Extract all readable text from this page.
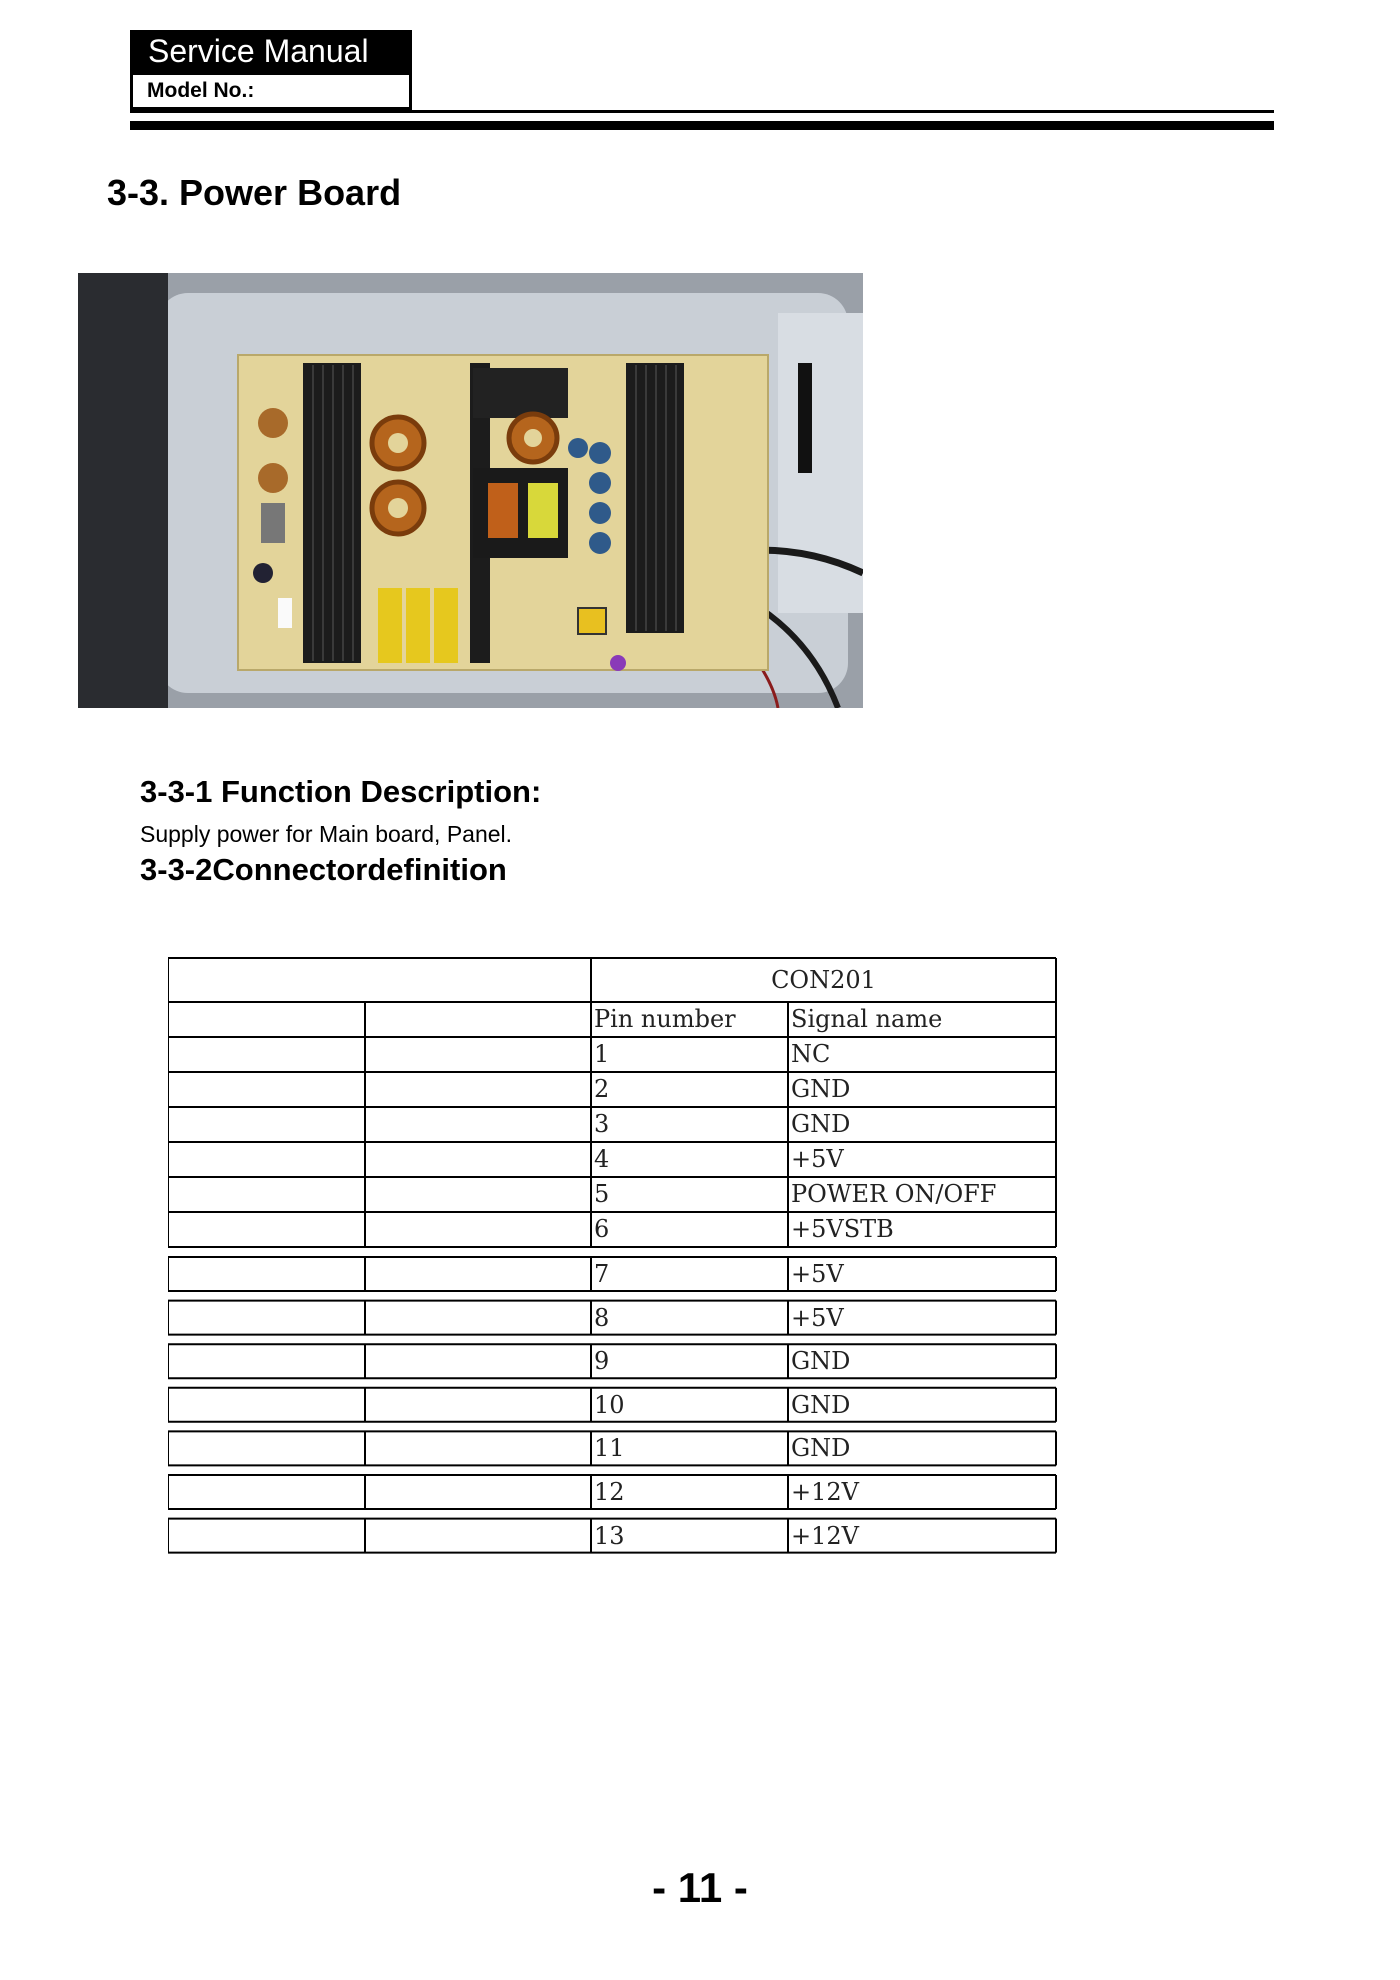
Service Manual
Model No.:
3-3. Power Board
3-3-1 Function Description:
Supply power for Main board, Panel.
3-3-2Connectordefinition
CON201
Pin number	Signal name
1	NC
2	GND
3	GND
4	+5V
5	POWER ON/OFF
6	+5VSTB
7	+5V
8	+5V
9	GND
10	GND
11	GND
12	+12V
13	+12V
- 11 -
